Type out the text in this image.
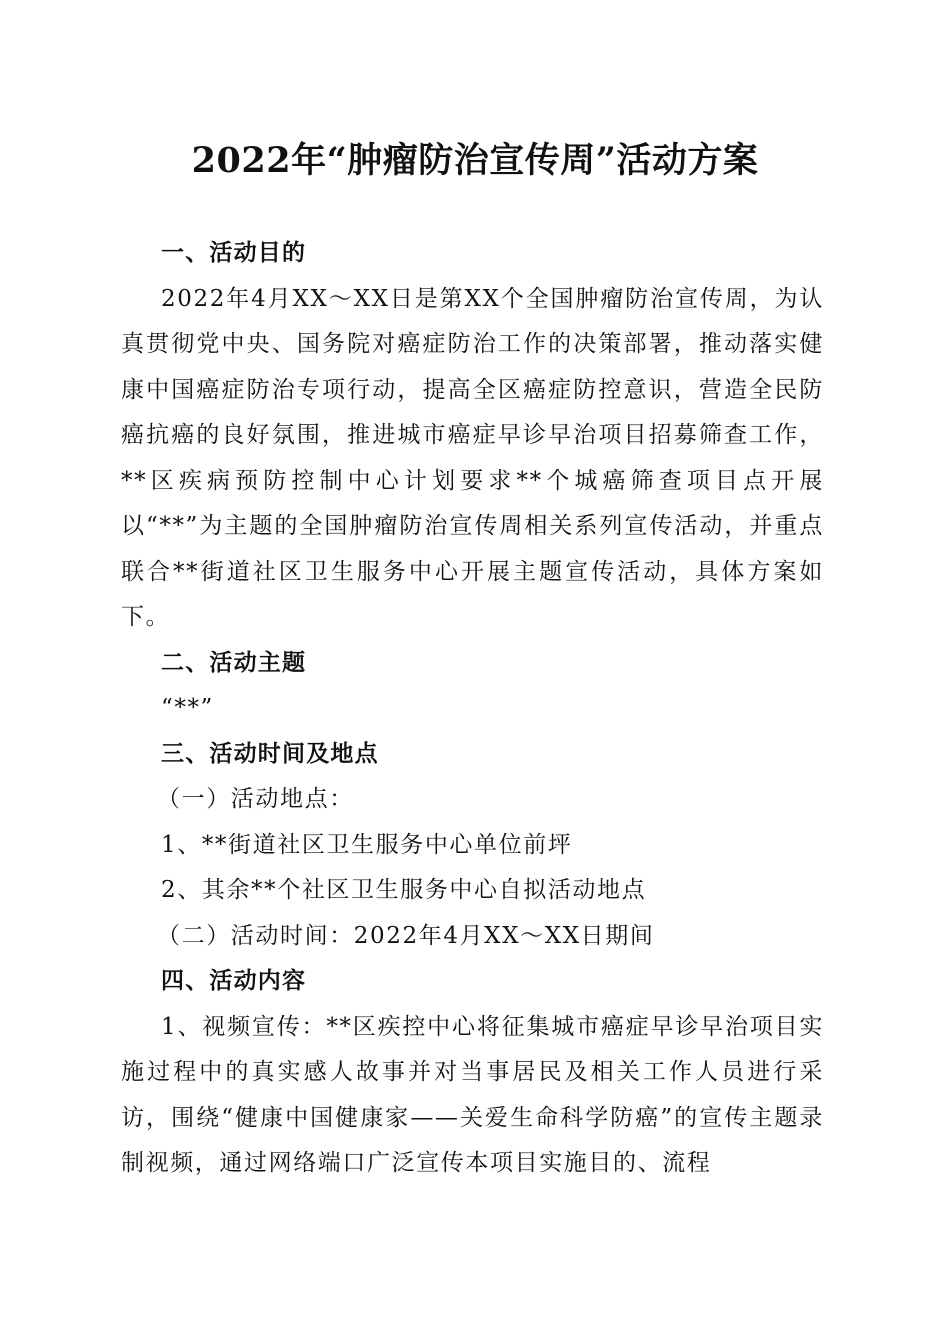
2022年“肿瘤防治宣传周”活动方案

一、活动目的

2022年4月XX～XX日是第XX个全国肿瘤防治宣传周，为认真贯彻党中央、国务院对癌症防治工作的决策部署，推动落实健康中国癌症防治专项行动，提高全区癌症防控意识，营造全民防癌抗癌的良好氛围，推进城市癌症早诊早治项目招募筛查工作，**区疾病预防控制中心计划要求**个城癌筛查项目点开展以“**”为主题的全国肿瘤防治宣传周相关系列宣传活动，并重点联合**街道社区卫生服务中心开展主题宣传活动，具体方案如下。

二、活动主题

“**”

三、活动时间及地点

（一）活动地点：

1、**街道社区卫生服务中心单位前坪

2、其余**个社区卫生服务中心自拟活动地点

（二）活动时间：2022年4月XX～XX日期间

四、活动内容

1、视频宣传：**区疾控中心将征集城市癌症早诊早治项目实施过程中的真实感人故事并对当事居民及相关工作人员进行采访，围绕“健康中国健康家——关爱生命科学防癌”的宣传主题录制视频，通过网络端口广泛宣传本项目实施目的、流程
